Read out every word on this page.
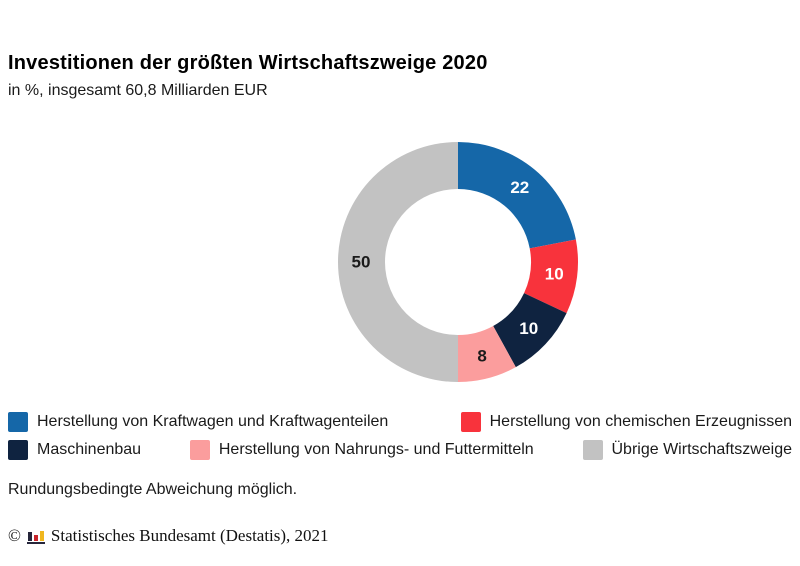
Investitionen der größten Wirtschaftszweige 2020
in %, insgesamt 60,8 Milliarden EUR
22
10
10
8
50
Herstellung von Kraftwagen und Kraftwagenteilen	Herstellung von chemischen Erzeugnissen
Maschinenbau	Herstellung von Nahrungs- und Futtermitteln	Übrige Wirtschaftszweige
Rundungsbedingte Abweichung möglich.
© Statistisches Bundesamt (Destatis), 2021
